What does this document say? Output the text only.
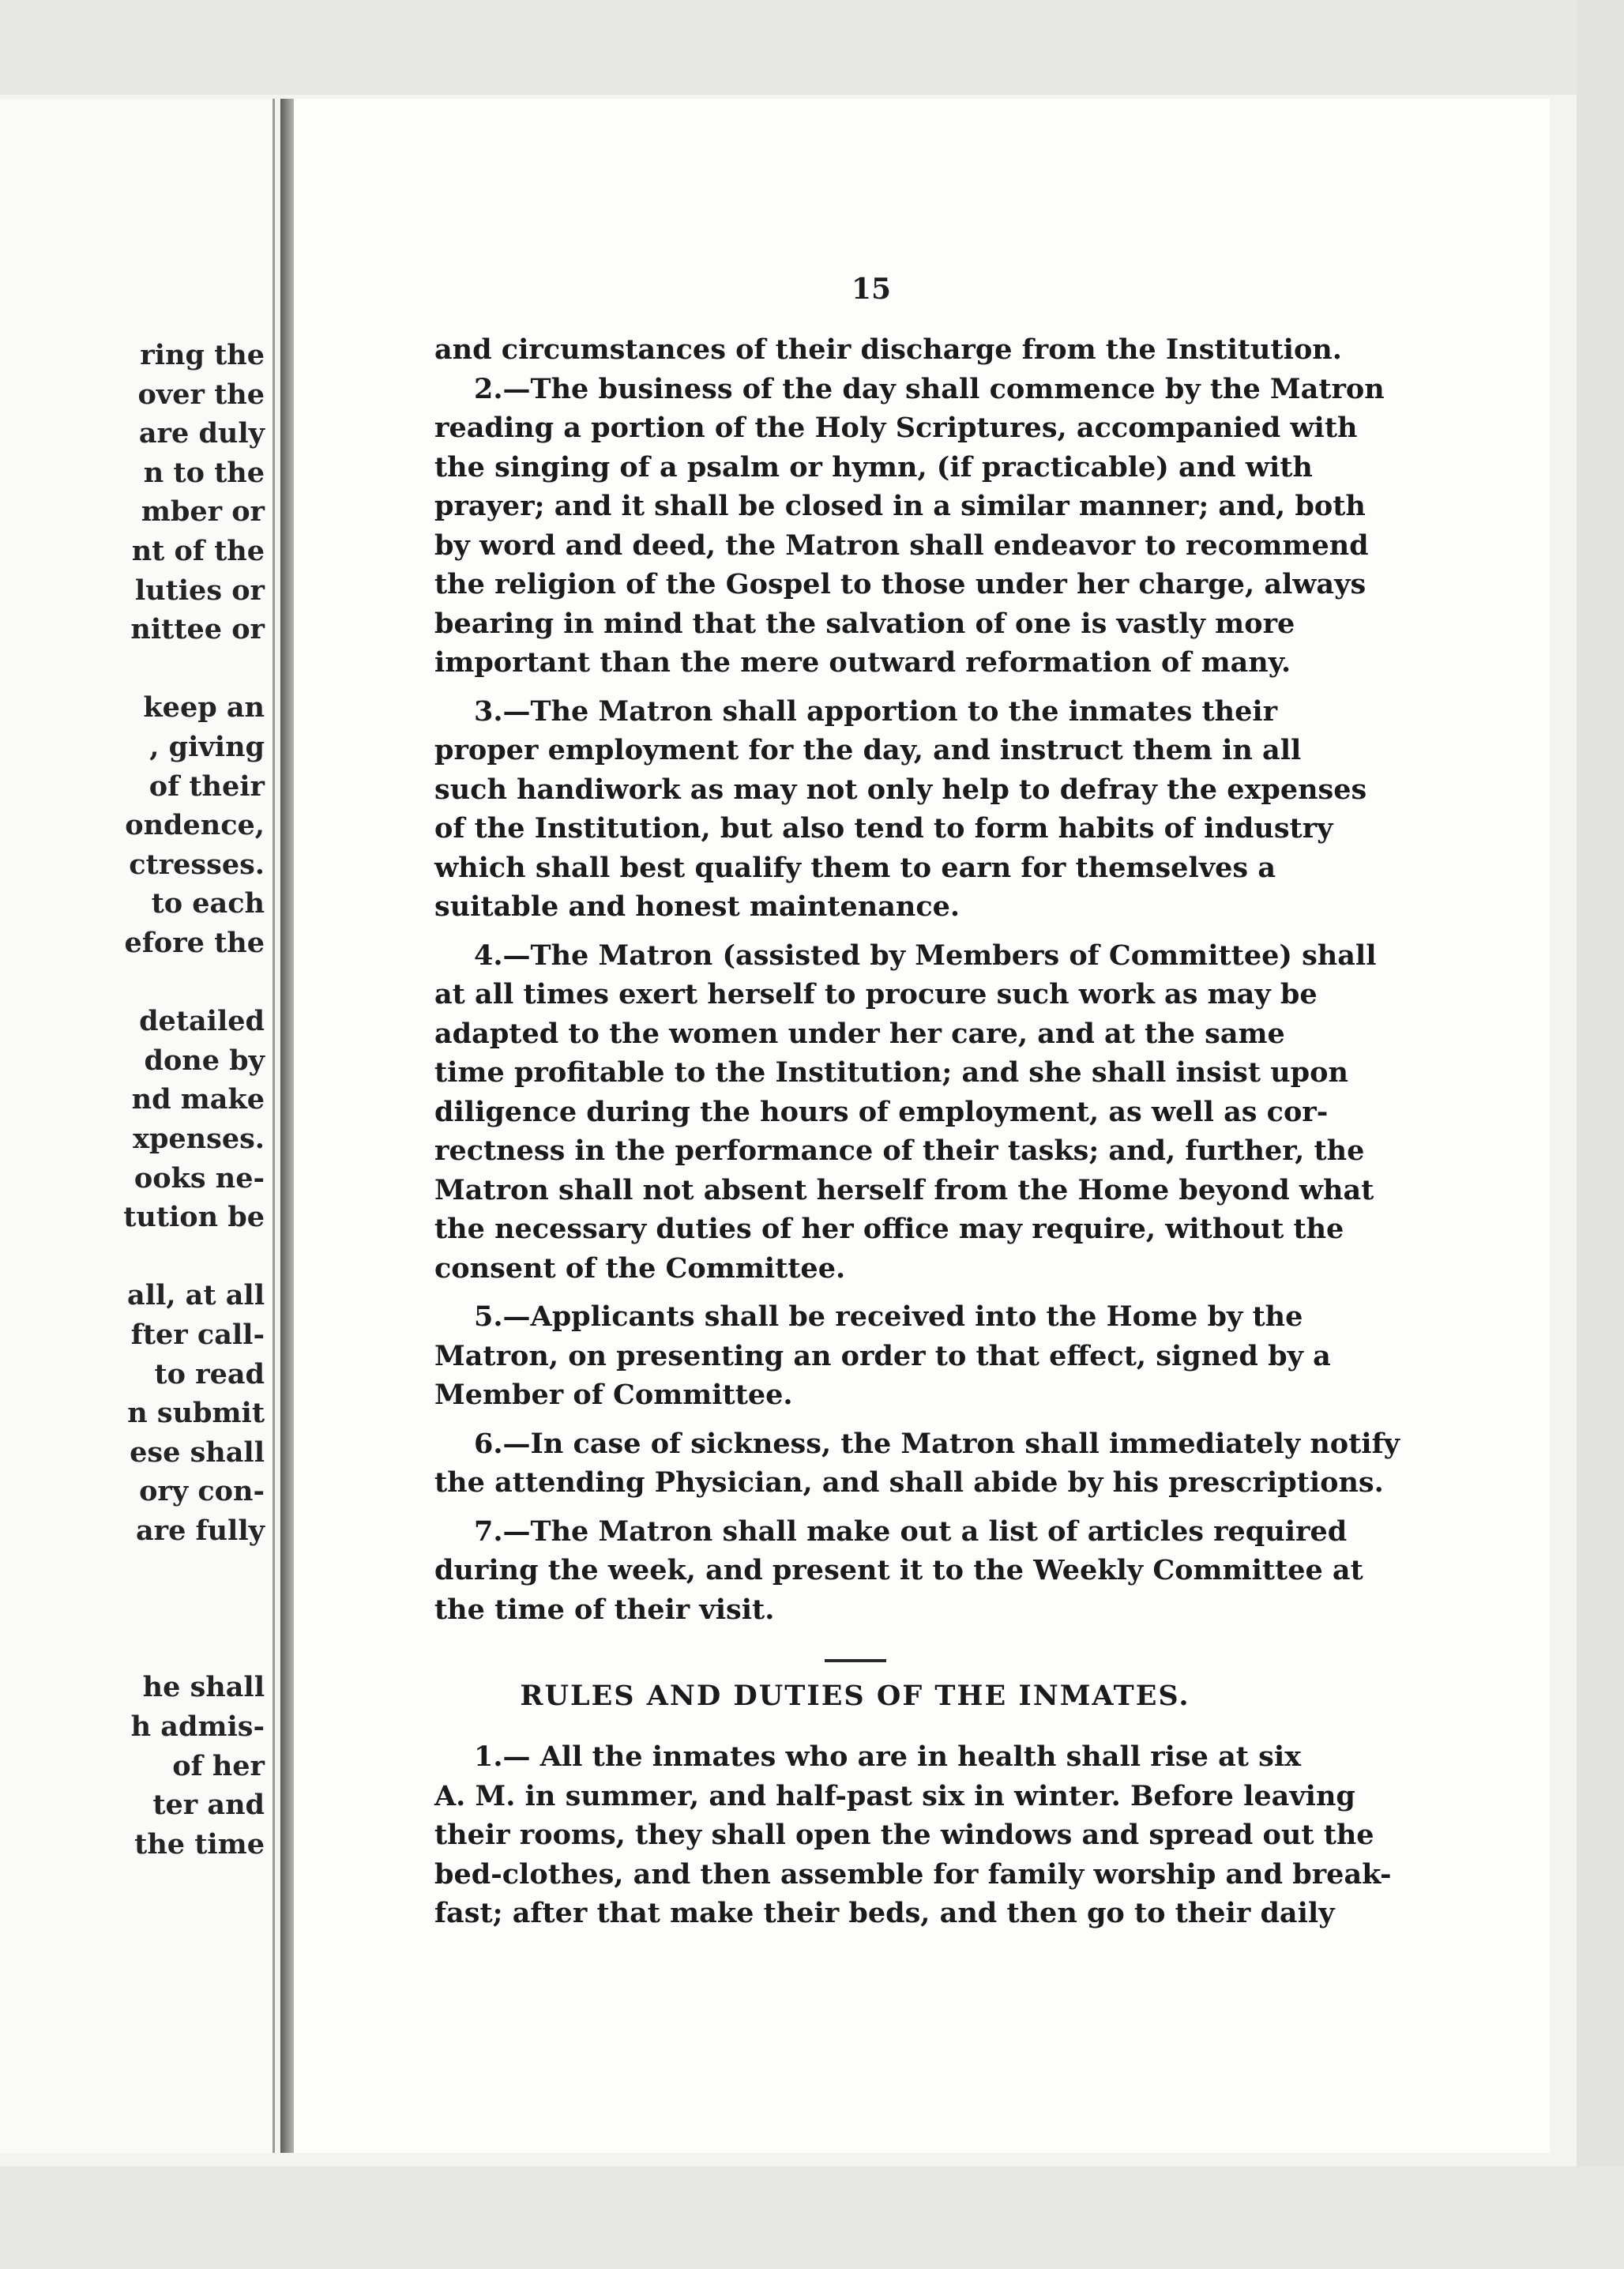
ring the
over the
are duly
n to the
mber or
nt of the
luties or
nittee or
keep an
, giving
of their
ondence,
ctresses.
to each
efore the
detailed
done by
nd make
xpenses.
ooks ne-
tution be
all, at all
fter call-
to read
n submit
ese shall
ory con-
are fully
he shall
h admis-
of her
ter and
the time
15
and circumstances of their discharge from the Institution.
2.—The business of the day shall commence by the Matron
reading a portion of the Holy Scriptures, accompanied with
the singing of a psalm or hymn, (if practicable) and with
prayer; and it shall be closed in a similar manner; and, both
by word and deed, the Matron shall endeavor to recommend
the religion of the Gospel to those under her charge, always
bearing in mind that the salvation of one is vastly more
important than the mere outward reformation of many.
3.—The Matron shall apportion to the inmates their
proper employment for the day, and instruct them in all
such handiwork as may not only help to defray the expenses
of the Institution, but also tend to form habits of industry
which shall best qualify them to earn for themselves a
suitable and honest maintenance.
4.—The Matron (assisted by Members of Committee) shall
at all times exert herself to procure such work as may be
adapted to the women under her care, and at the same
time profitable to the Institution; and she shall insist upon
diligence during the hours of employment, as well as cor-
rectness in the performance of their tasks; and, further, the
Matron shall not absent herself from the Home beyond what
the necessary duties of her office may require, without the
consent of the Committee.
5.—Applicants shall be received into the Home by the
Matron, on presenting an order to that effect, signed by a
Member of Committee.
6.—In case of sickness, the Matron shall immediately notify
the attending Physician, and shall abide by his prescriptions.
7.—The Matron shall make out a list of articles required
during the week, and present it to the Weekly Committee at
the time of their visit.
RULES AND DUTIES OF THE INMATES.
1.— All the inmates who are in health shall rise at six
A. M. in summer, and half-past six in winter. Before leaving
their rooms, they shall open the windows and spread out the
bed-clothes, and then assemble for family worship and break-
fast; after that make their beds, and then go to their daily
